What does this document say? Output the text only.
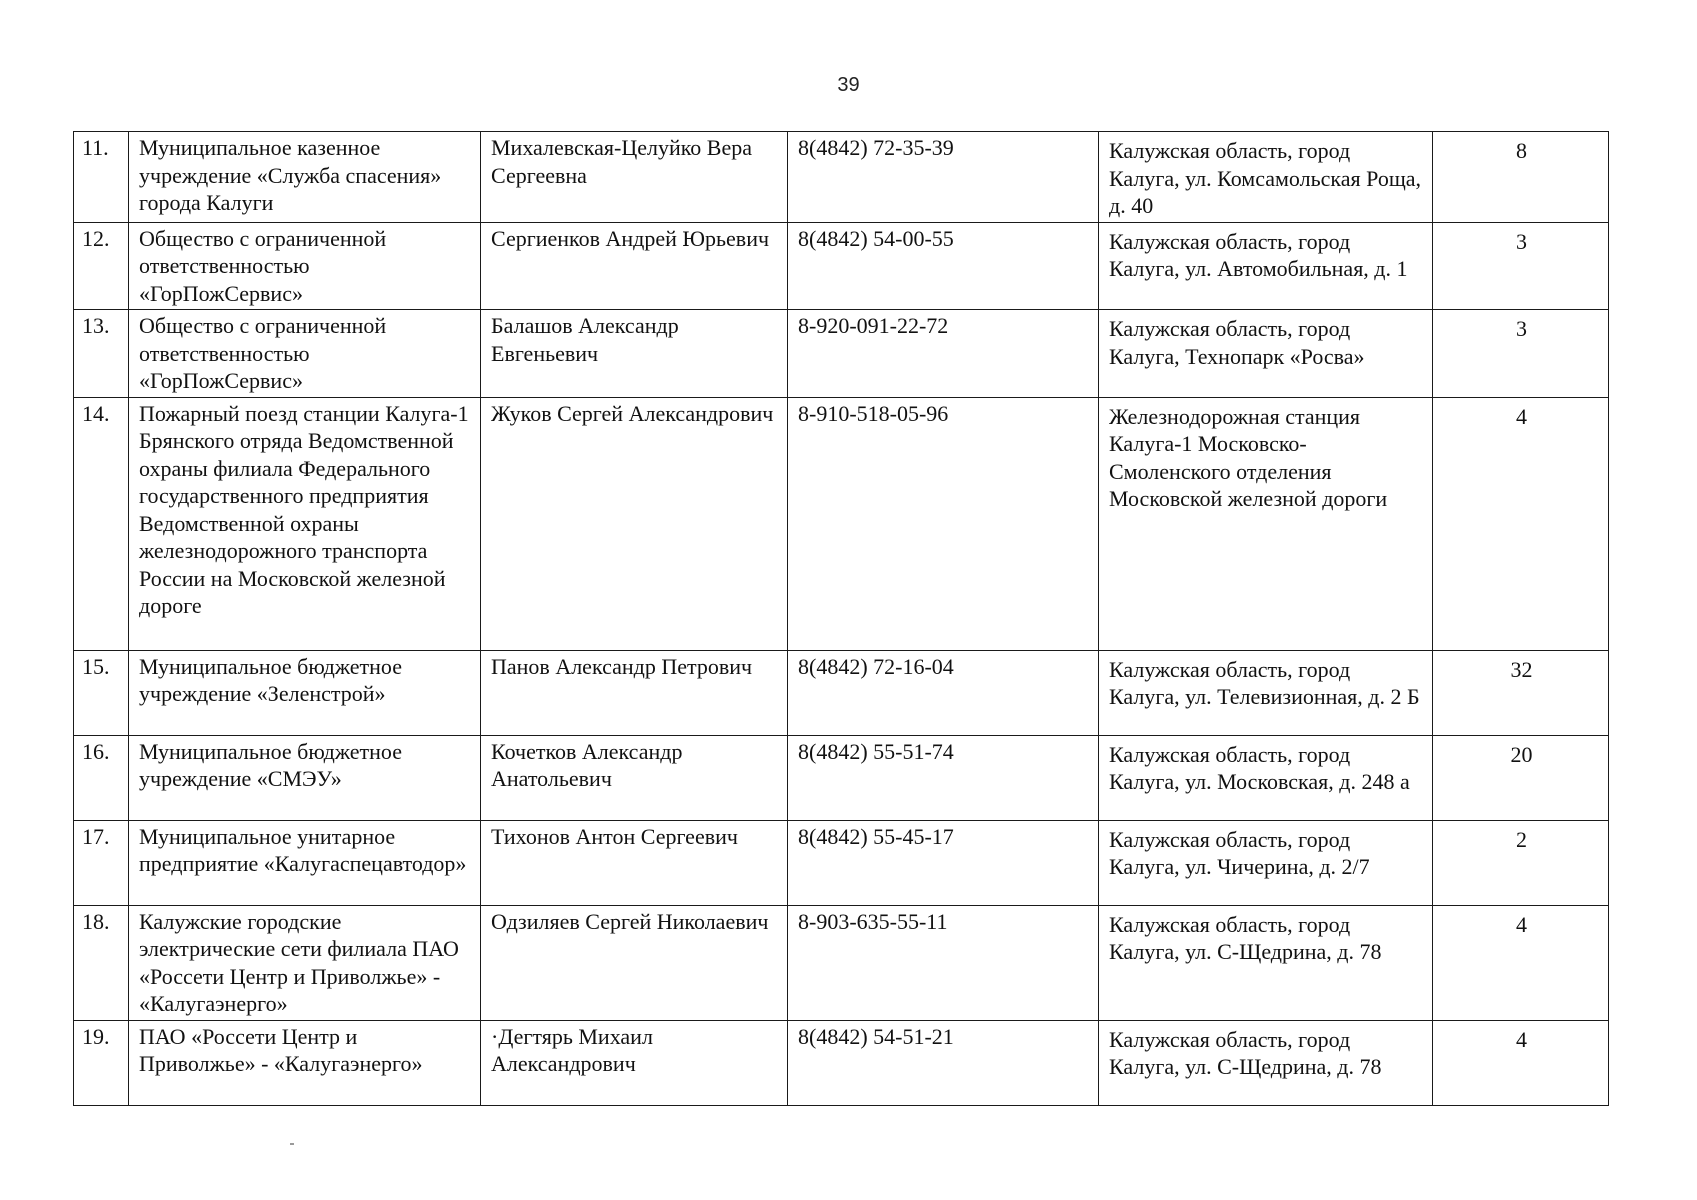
39
11.	Муниципальное казенное учреждение «Служба спасения» города Калуги	Михалевская-Целуйко Вера Сергеевна	8(4842) 72-35-39	Калужская область, город Калуга, ул. Комсамольская Роща, д. 40	8
12.	Общество с ограниченной ответственностью «ГорПожСервис»	Сергиенков Андрей Юрьевич	8(4842) 54-00-55	Калужская область, город Калуга, ул. Автомобильная, д. 1	3
13.	Общество с ограниченной ответственностью «ГорПожСервис»	Балашов Александр Евгеньевич	8-920-091-22-72	Калужская область, город Калуга, Технопарк «Росва»	3
14.	Пожарный поезд станции Калуга-1 Брянского отряда Ведомственной охраны филиала Федерального государственного предприятия Ведомственной охраны железнодорожного транспорта России на Московской железной дороге	Жуков Сергей Александрович	8-910-518-05-96	Железнодорожная станция Калуга-1 Московско-Смоленского отделения Московской железной дороги	4
15.	Муниципальное бюджетное учреждение «Зеленстрой»	Панов Александр Петрович	8(4842) 72-16-04	Калужская область, город Калуга, ул. Телевизионная, д. 2 Б	32
16.	Муниципальное бюджетное учреждение «СМЭУ»	Кочетков Александр Анатольевич	8(4842) 55-51-74	Калужская область, город Калуга, ул. Московская, д. 248 а	20
17.	Муниципальное унитарное предприятие «Калугаспецавтодор»	Тихонов Антон Сергеевич	8(4842) 55-45-17	Калужская область, город Калуга, ул. Чичерина, д. 2/7	2
18.	Калужские городские электрические сети филиала ПАО «Россети Центр и Приволжье» - «Калугаэнерго»	Одзиляев Сергей Николаевич	8-903-635-55-11	Калужская область, город Калуга, ул. С-Щедрина, д. 78	4
19.	ПАО «Россети Центр и Приволжье» - «Калугаэнерго»	·Дегтярь Михаил Александрович	8(4842) 54-51-21	Калужская область, город Калуга, ул. С-Щедрина, д. 78	4
